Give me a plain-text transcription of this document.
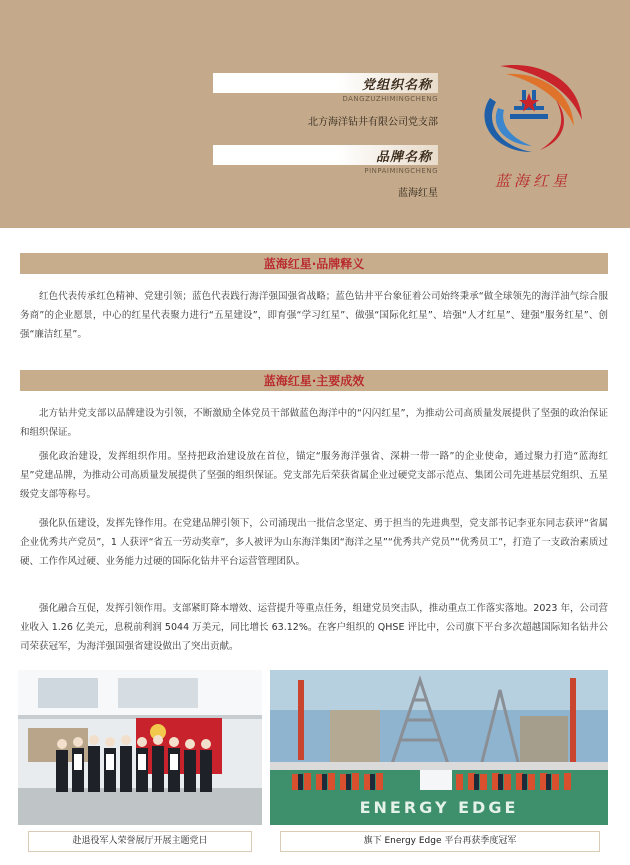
党组织名称
DANGZUZHIMINGCHENG
北方海洋钻井有限公司党支部
品牌名称
PINPAIMINGCHENG
蓝海红星
蓝海红星
蓝海红星·品牌释义

红色代表传承红色精神、党建引领；蓝色代表践行海洋强国强省战略；蓝色钻井平台象征着公司始终秉承“做全球领先的海洋油气综合服务商”的企业愿景，中心的红星代表聚力进行“五星建设”，即育强“学习红星”、做强“国际化红星”、培强“人才红星”、建强“服务红星”、创强“廉洁红星”。

蓝海红星·主要成效

北方钻井党支部以品牌建设为引领，不断激励全体党员干部做蓝色海洋中的“闪闪红星”，为推动公司高质量发展提供了坚强的政治保证和组织保证。

强化政治建设，发挥组织作用。坚持把政治建设放在首位，锚定“服务海洋强省、深耕一带一路”的企业使命，通过聚力打造“蓝海红星”党建品牌，为推动公司高质量发展提供了坚强的组织保证。党支部先后荣获省属企业过硬党支部示范点、集团公司先进基层党组织、五星级党支部等称号。

强化队伍建设，发挥先锋作用。在党建品牌引领下，公司涌现出一批信念坚定、勇于担当的先进典型，党支部书记李亚东同志获评“省属企业优秀共产党员”，1 人获评“省五一劳动奖章”，多人被评为山东海洋集团“海洋之星”“优秀共产党员”“优秀员工”，打造了一支政治素质过硬、工作作风过硬、业务能力过硬的国际化钻井平台运营管理团队。

强化融合互促，发挥引领作用。支部紧盯降本增效、运营提升等重点任务，组建党员突击队，推动重点工作落实落地。2023 年，公司营业收入 1.26 亿美元，息税前利润 5044 万美元，同比增长 63.12%。在客户组织的 QHSE 评比中，公司旗下平台多次超越国际知名钻井公司荣获冠军，为海洋强国强省建设做出了突出贡献。

赴退役军人荣誉展厅开展主题党日
ENERGY EDGE
旗下 Energy Edge 平台再获季度冠军
